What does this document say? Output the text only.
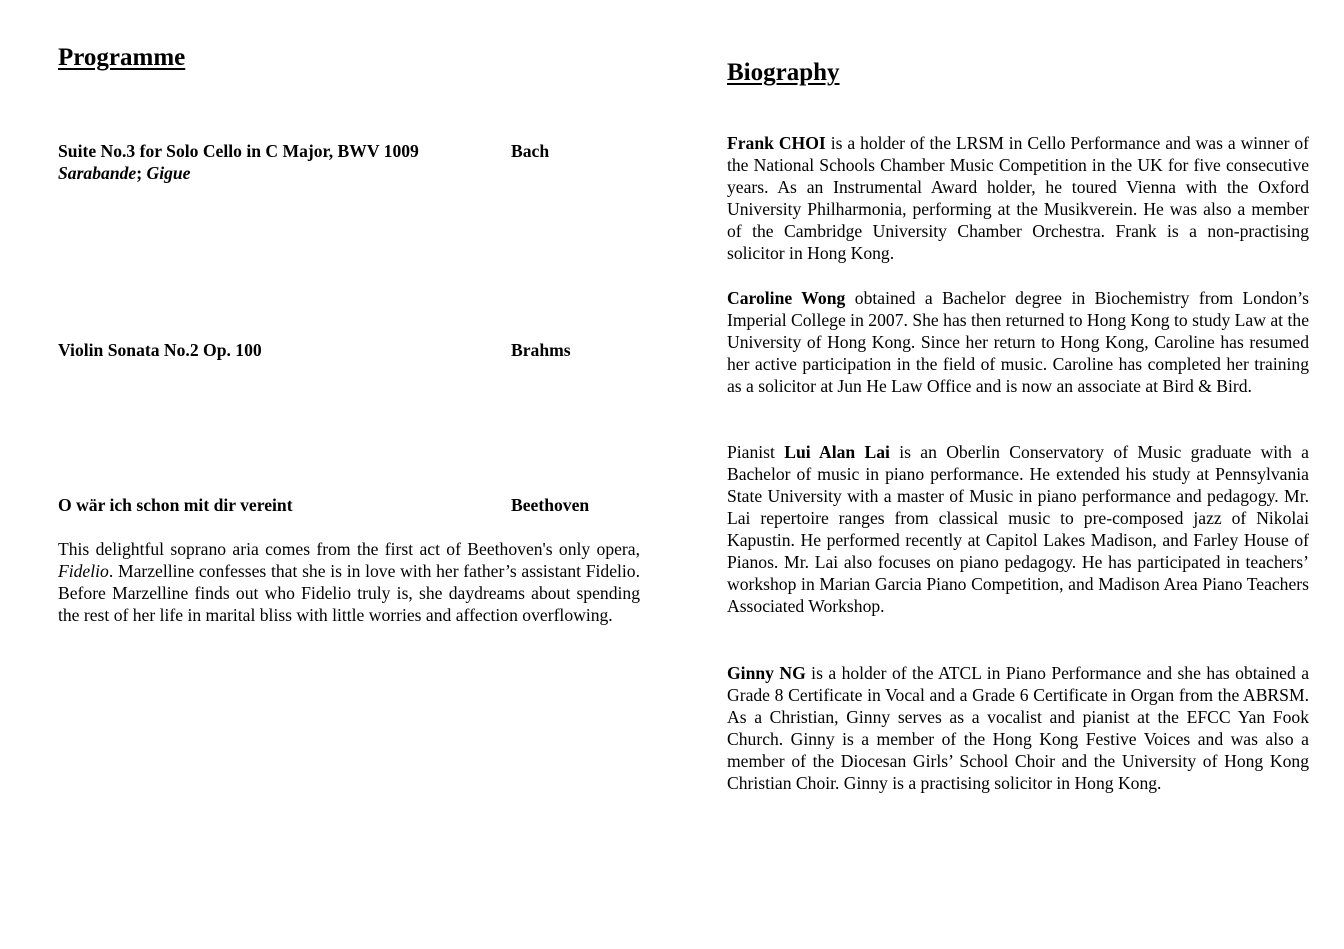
Programme
Suite No.3 for Solo Cello in C Major, BWV 1009	Bach
Sarabande; Gigue
Violin Sonata No.2 Op. 100	Brahms
O wär ich schon mit dir vereint	Beethoven

This delightful soprano aria comes from the first act of Beethoven's only opera, Fidelio. Marzelline confesses that she is in love with her father’s assistant Fidelio. Before Marzelline finds out who Fidelio truly is, she daydreams about spending the rest of her life in marital bliss with little worries and affection overflowing.

Biography

Frank CHOI is a holder of the LRSM in Cello Performance and was a winner of the National Schools Chamber Music Competition in the UK for five consecutive years. As an Instrumental Award holder, he toured Vienna with the Oxford University Philharmonia, performing at the Musikverein. He was also a member of the Cambridge University Chamber Orchestra. Frank is a non-practising solicitor in Hong Kong.

Caroline Wong obtained a Bachelor degree in Biochemistry from London’s Imperial College in 2007. She has then returned to Hong Kong to study Law at the University of Hong Kong. Since her return to Hong Kong, Caroline has resumed her active participation in the field of music. Caroline has completed her training as a solicitor at Jun He Law Office and is now an associate at Bird & Bird.

Pianist Lui Alan Lai is an Oberlin Conservatory of Music graduate with a Bachelor of music in piano performance. He extended his study at Pennsylvania State University with a master of Music in piano performance and pedagogy. Mr. Lai repertoire ranges from classical music to pre-composed jazz of Nikolai Kapustin. He performed recently at Capitol Lakes Madison, and Farley House of Pianos. Mr. Lai also focuses on piano pedagogy. He has participated in teachers’ workshop in Marian Garcia Piano Competition, and Madison Area Piano Teachers Associated Workshop.

Ginny NG is a holder of the ATCL in Piano Performance and she has obtained a Grade 8 Certificate in Vocal and a Grade 6 Certificate in Organ from the ABRSM. As a Christian, Ginny serves as a vocalist and pianist at the EFCC Yan Fook Church. Ginny is a member of the Hong Kong Festive Voices and was also a member of the Diocesan Girls’ School Choir and the University of Hong Kong Christian Choir. Ginny is a practising solicitor in Hong Kong.
